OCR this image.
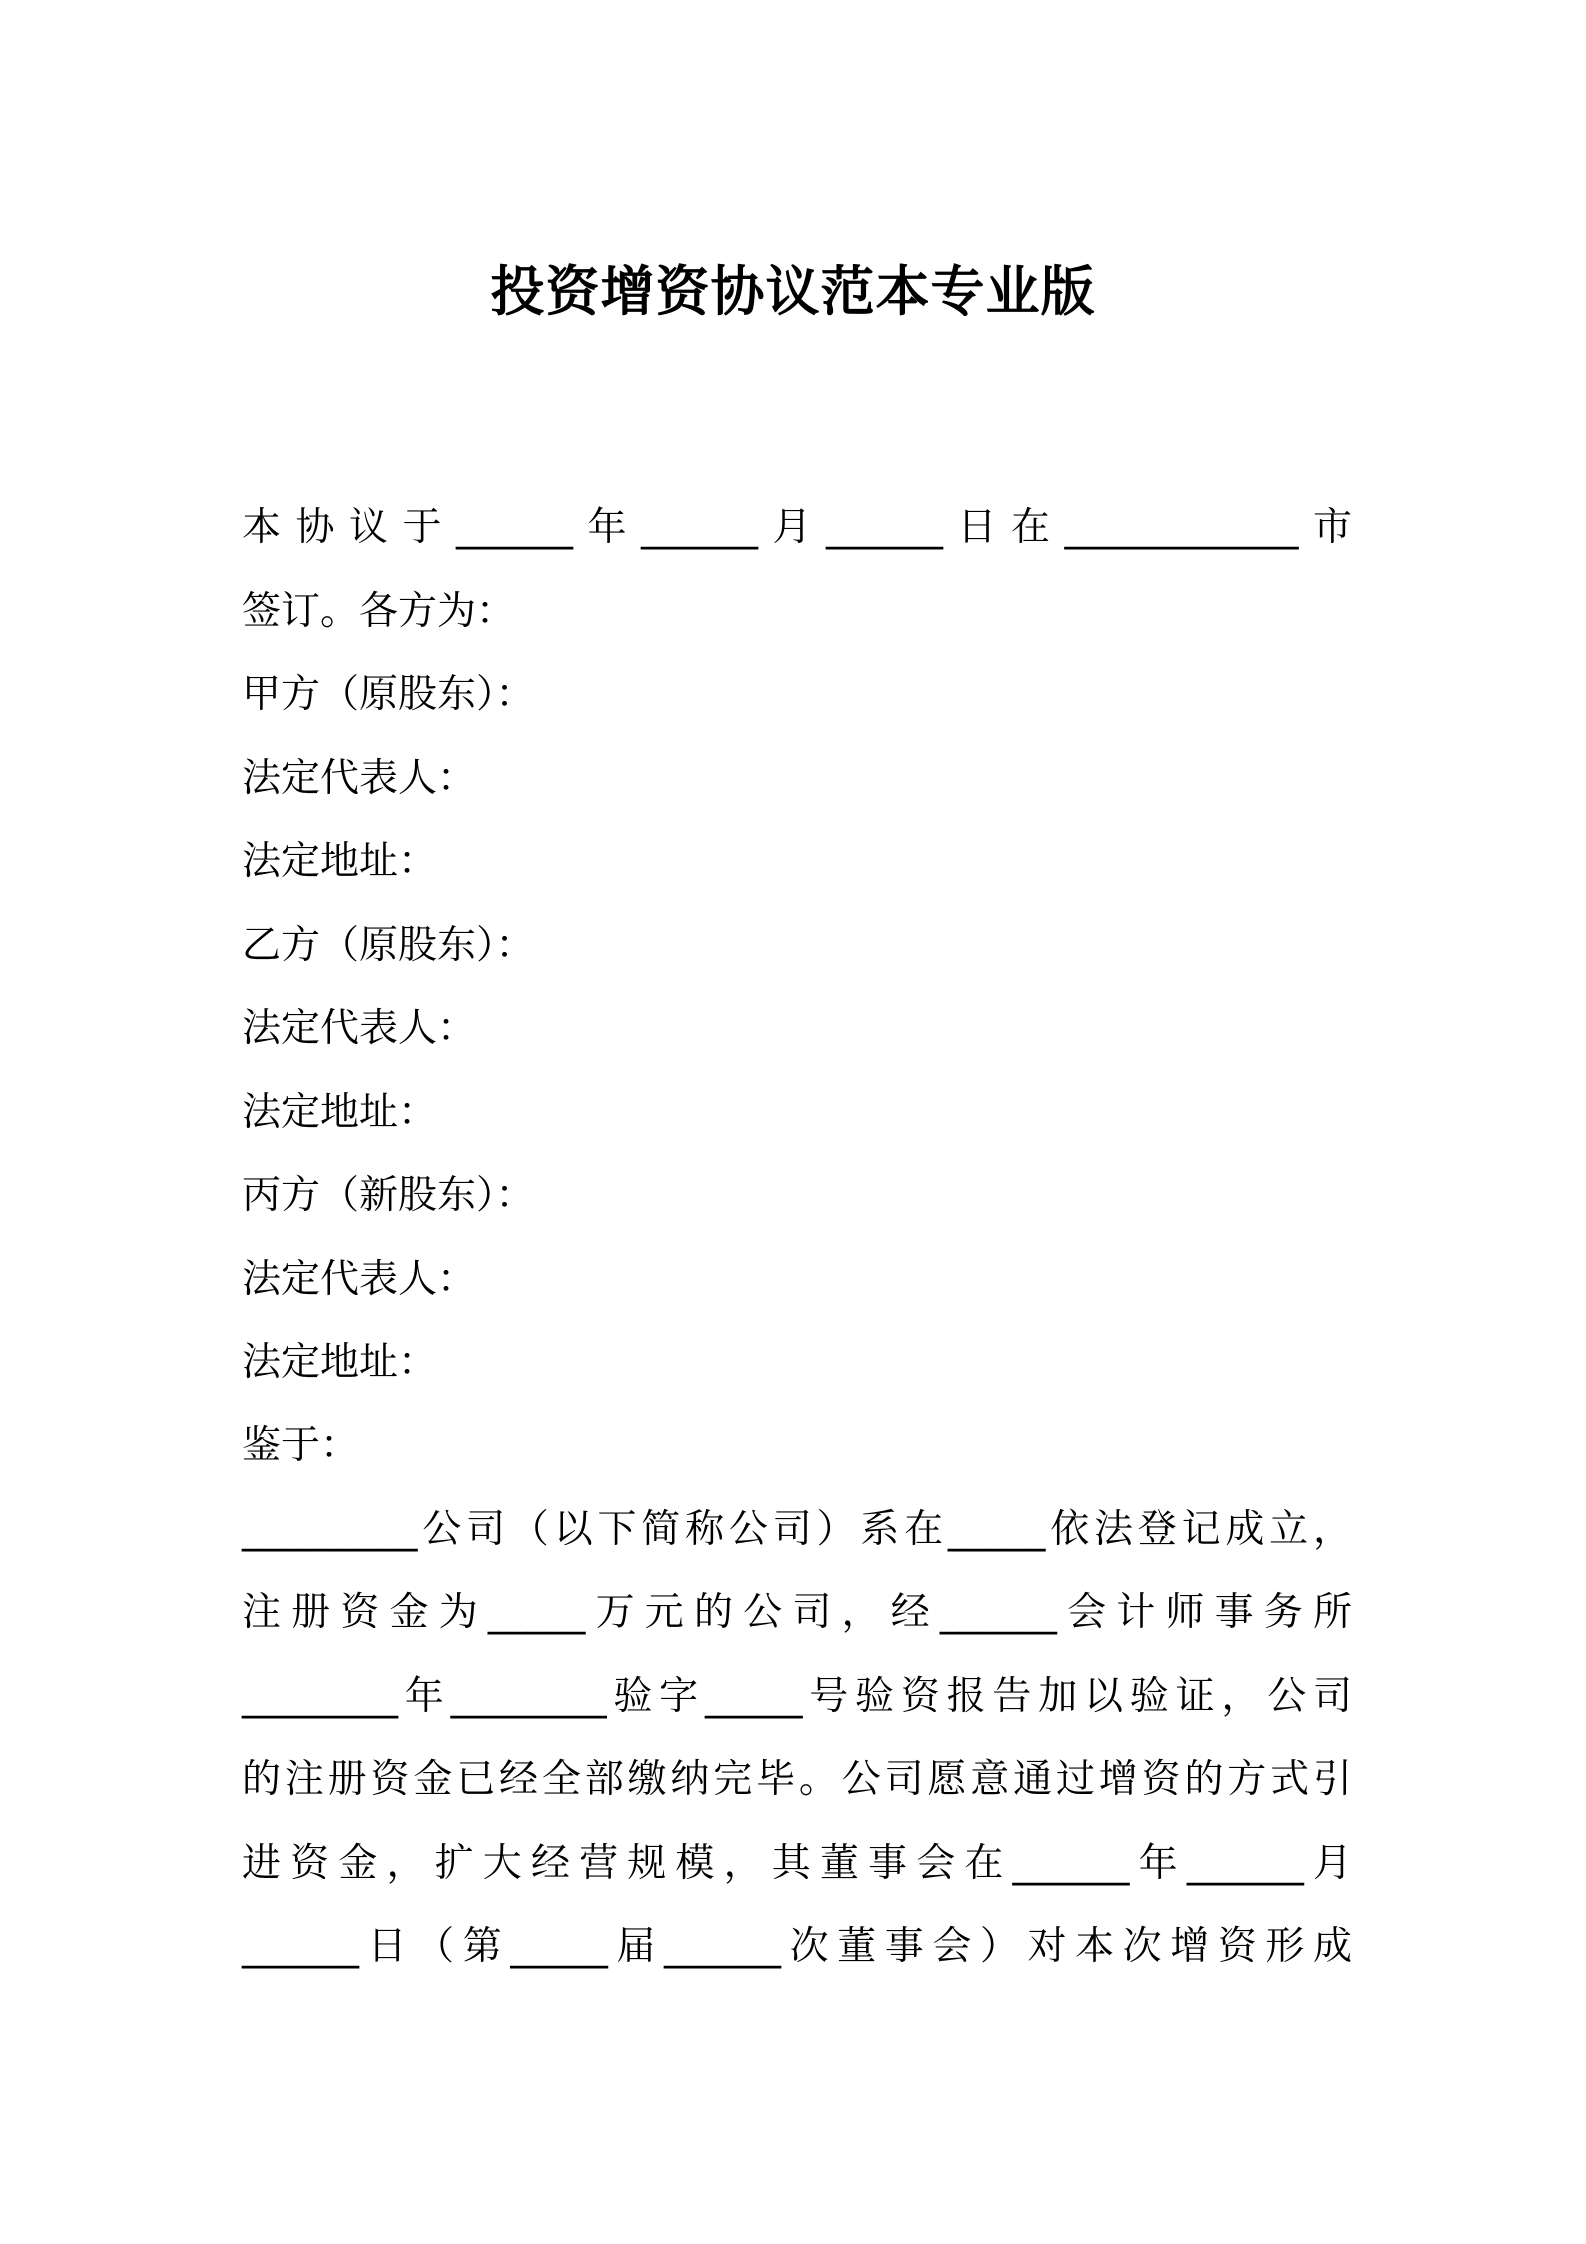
投资增资协议范本专业版
本协议于______年______月______日在____________市
签订。各方为：
甲方（原股东）：
法定代表人：
法定地址：
乙方（原股东）：
法定代表人：
法定地址：
丙方（新股东）：
法定代表人：
法定地址：
鉴于：
_________公司（以下简称公司）系在_____依法登记成立，
注册资金为_____万元的公司，经______会计师事务所
________年________验字_____号验资报告加以验证，公司
的注册资金已经全部缴纳完毕。公司愿意通过增资的方式引
进资金，扩大经营规模，其董事会在______年______月
______日（第_____届______次董事会）对本次增资形成
